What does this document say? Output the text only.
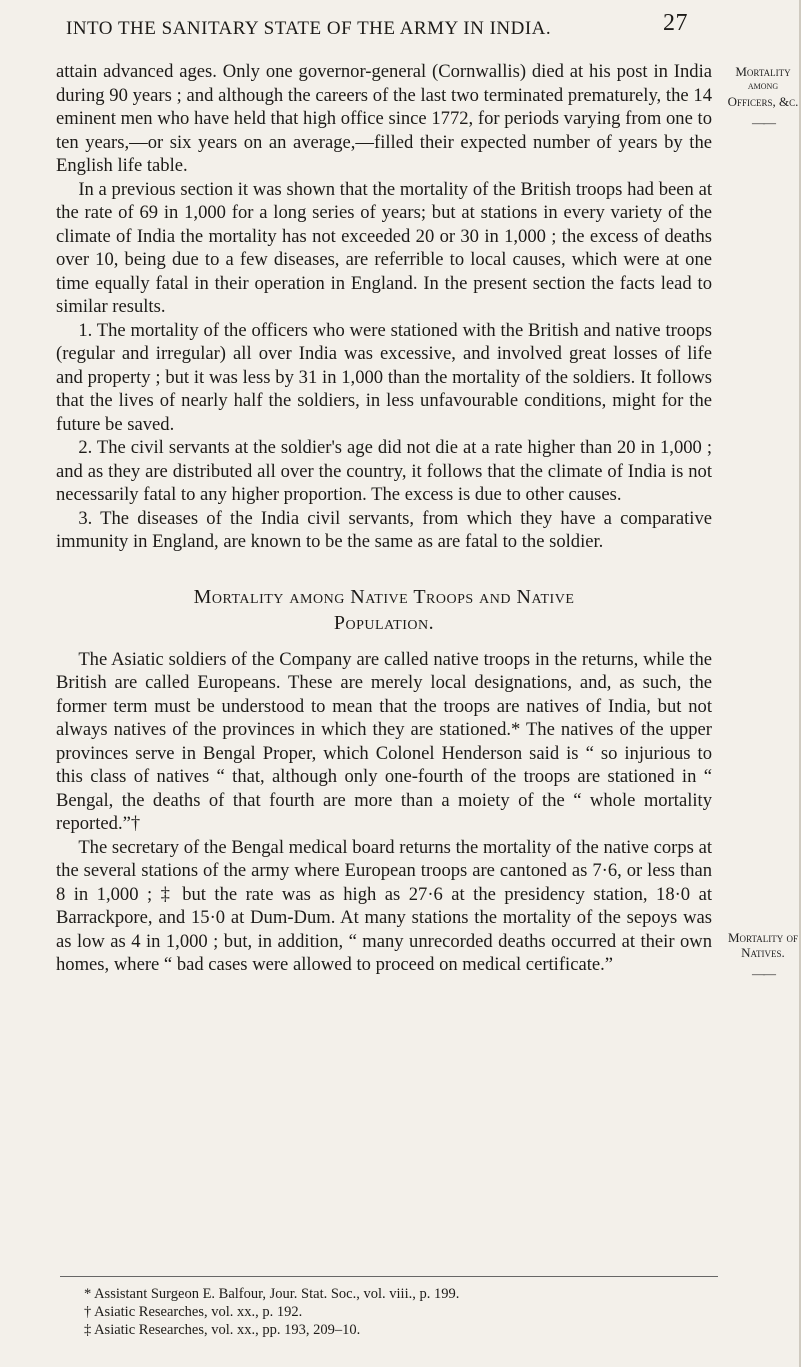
INTO THE SANITARY STATE OF THE ARMY IN INDIA.	27

attain advanced ages. Only one governor-general (Cornwallis) died at his post in India during 90 years ; and although the careers of the last two terminated prematurely, the 14 eminent men who have held that high office since 1772, for periods varying from one to ten years,—or six years on an average,—filled their expected number of years by the English life table.

In a previous section it was shown that the mortality of the British troops had been at the rate of 69 in 1,000 for a long series of years; but at stations in every variety of the climate of India the mortality has not exceeded 20 or 30 in 1,000 ; the excess of deaths over 10, being due to a few diseases, are referrible to local causes, which were at one time equally fatal in their operation in England. In the present section the facts lead to similar results.

1. The mortality of the officers who were stationed with the British and native troops (regular and irregular) all over India was excessive, and involved great losses of life and property ; but it was less by 31 in 1,000 than the mortality of the soldiers. It follows that the lives of nearly half the soldiers, in less unfavourable conditions, might for the future be saved.

2. The civil servants at the soldier's age did not die at a rate higher than 20 in 1,000 ; and as they are distributed all over the country, it follows that the climate of India is not necessarily fatal to any higher proportion. The excess is due to other causes.

3. The diseases of the India civil servants, from which they have a comparative immunity in England, are known to be the same as are fatal to the soldier.

Mortality among Native Troops and Native
Population.

The Asiatic soldiers of the Company are called native troops in the returns, while the British are called Europeans. These are merely local designations, and, as such, the former term must be understood to mean that the troops are natives of India, but not always natives of the provinces in which they are stationed.* The natives of the upper provinces serve in Bengal Proper, which Colonel Henderson said is “ so injurious to this class of natives “ that, although only one-fourth of the troops are stationed in “ Bengal, the deaths of that fourth are more than a moiety of the “ whole mortality reported.”†

The secretary of the Bengal medical board returns the mortality of the native corps at the several stations of the army where European troops are cantoned as 7·6, or less than 8 in 1,000 ; ‡ but the rate was as high as 27·6 at the presidency station, 18·0 at Barrackpore, and 15·0 at Dum-Dum. At many stations the mortality of the sepoys was as low as 4 in 1,000 ; but, in addition, “ many unrecorded deaths occurred at their own homes, where “ bad cases were allowed to proceed on medical certificate.”

Mortality
among
Officers, &c.
——
Mortality of
Natives.
——
* Assistant Surgeon E. Balfour, Jour. Stat. Soc., vol. viii., p. 199.
† Asiatic Researches, vol. xx., p. 192.
‡ Asiatic Researches, vol. xx., pp. 193, 209–10.
